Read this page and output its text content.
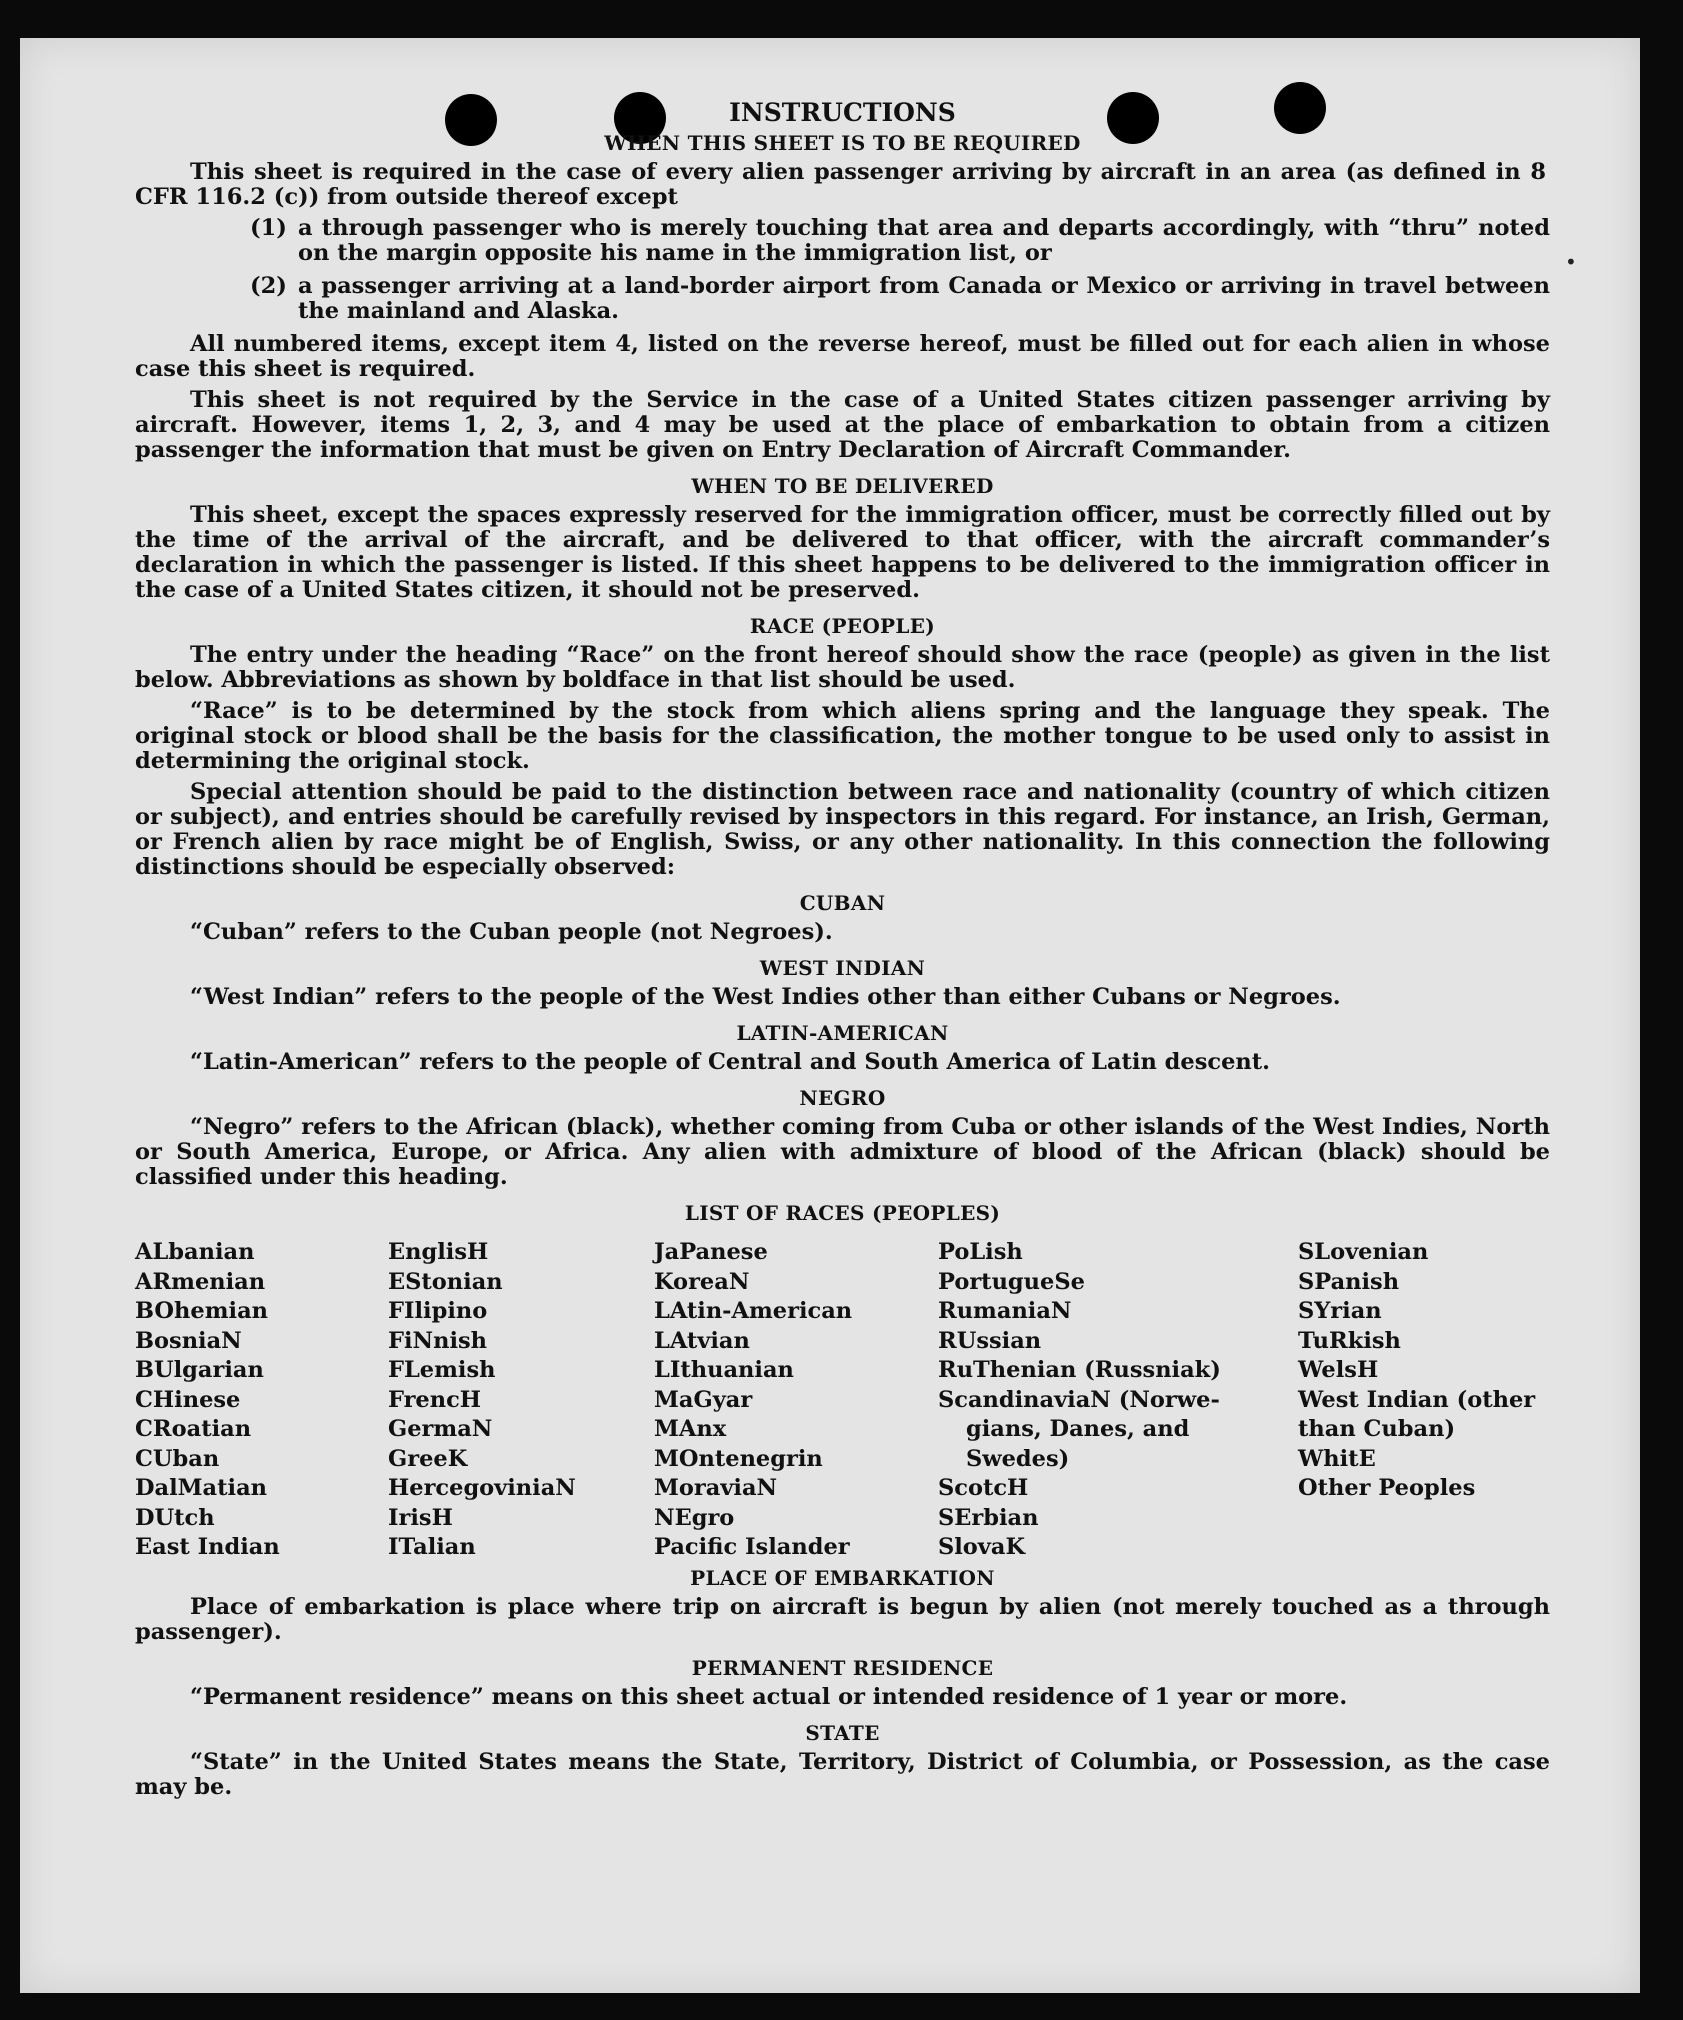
•
INSTRUCTIONS
WHEN THIS SHEET IS TO BE REQUIRED
This sheet is required in the case of every alien passenger arriving by aircraft in an area (as defined in 8 CFR 116.2 (c)) from outside thereof except
(1) a through passenger who is merely touching that area and departs accordingly, with “thru” noted on the margin opposite his name in the immigration list, or
(2) a passenger arriving at a land-border airport from Canada or Mexico or arriving in travel between the mainland and Alaska.
All numbered items, except item 4, listed on the reverse hereof, must be filled out for each alien in whose case this sheet is required.
This sheet is not required by the Service in the case of a United States citizen passenger arriving by aircraft. However, items 1, 2, 3, and 4 may be used at the place of embarkation to obtain from a citizen passenger the information that must be given on Entry Declaration of Aircraft Commander.
WHEN TO BE DELIVERED
This sheet, except the spaces expressly reserved for the immigration officer, must be correctly filled out by the time of the arrival of the aircraft, and be delivered to that officer, with the aircraft commander’s declaration in which the passenger is listed. If this sheet happens to be delivered to the immigration officer in the case of a United States citizen, it should not be preserved.
RACE (PEOPLE)
The entry under the heading “Race” on the front hereof should show the race (people) as given in the list below. Abbreviations as shown by boldface in that list should be used.
“Race” is to be determined by the stock from which aliens spring and the language they speak. The original stock or blood shall be the basis for the classification, the mother tongue to be used only to assist in determining the original stock.
Special attention should be paid to the distinction between race and nationality (country of which citizen or subject), and entries should be carefully revised by inspectors in this regard. For instance, an Irish, German, or French alien by race might be of English, Swiss, or any other nationality. In this connection the following distinctions should be especially observed:
CUBAN
“Cuban” refers to the Cuban people (not Negroes).
WEST INDIAN
“West Indian” refers to the people of the West Indies other than either Cubans or Negroes.
LATIN-AMERICAN
“Latin-American” refers to the people of Central and South America of Latin descent.
NEGRO
“Negro” refers to the African (black), whether coming from Cuba or other islands of the West Indies, North or South America, Europe, or Africa. Any alien with admixture of blood of the African (black) should be classified under this heading.
LIST OF RACES (PEOPLES)
ALbanian
ARmenian
BOhemian
BosniaN
BUlgarian
CHinese
CRoatian
CUban
DalMatian
DUtch
East Indian
EnglisH
EStonian
FIlipino
FiNnish
FLemish
FrencH
GermaN
GreeK
HercegoviniaN
IrisH
ITalian
JaPanese
KoreaN
LAtin-American
LAtvian
LIthuanian
MaGyar
MAnx
MOntenegrin
MoraviaN
NEgro
Pacific Islander
PoLish
PortugueSe
RumaniaN
RUssian
RuThenian (Russniak)
ScandinaviaN (Norwe-
gians, Danes, and
Swedes)
ScotcH
SErbian
SlovaK
SLovenian
SPanish
SYrian
TuRkish
WelsH
West Indian (other
than Cuban)
WhitE
Other Peoples
PLACE OF EMBARKATION
Place of embarkation is place where trip on aircraft is begun by alien (not merely touched as a through passenger).
PERMANENT RESIDENCE
“Permanent residence” means on this sheet actual or intended residence of 1 year or more.
STATE
“State” in the United States means the State, Territory, District of Columbia, or Possession, as the case may be.
